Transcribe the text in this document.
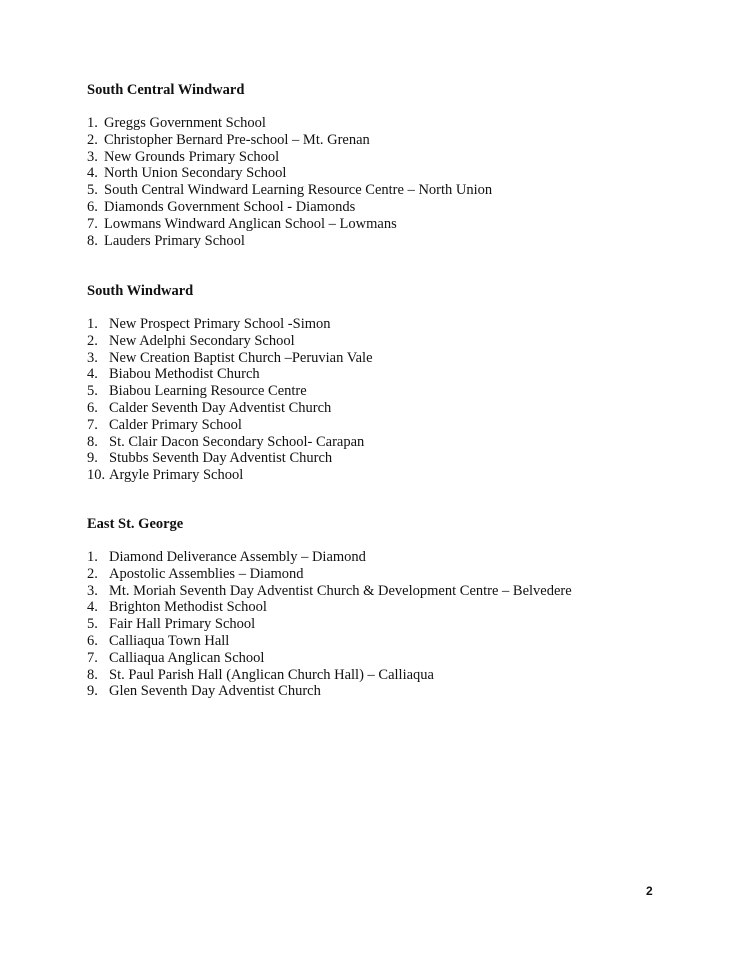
South Central Windward
1. Greggs Government School
2. Christopher Bernard Pre-school – Mt. Grenan
3. New Grounds Primary School
4. North Union Secondary School
5. South Central Windward Learning Resource Centre – North Union
6. Diamonds Government School - Diamonds
7. Lowmans Windward Anglican School – Lowmans
8. Lauders Primary School
South Windward
1. New Prospect Primary School -Simon
2. New Adelphi Secondary School
3. New Creation Baptist Church –Peruvian Vale
4. Biabou Methodist Church
5. Biabou Learning Resource Centre
6. Calder Seventh Day Adventist Church
7. Calder Primary School
8. St. Clair Dacon Secondary School- Carapan
9. Stubbs Seventh Day Adventist Church
10. Argyle Primary School
East St. George
1. Diamond Deliverance Assembly – Diamond
2. Apostolic Assemblies – Diamond
3. Mt. Moriah Seventh Day Adventist Church & Development Centre – Belvedere
4. Brighton Methodist School
5. Fair Hall Primary School
6. Calliaqua Town Hall
7. Calliaqua Anglican School
8. St. Paul Parish Hall (Anglican Church Hall) – Calliaqua
9. Glen Seventh Day Adventist Church
2
